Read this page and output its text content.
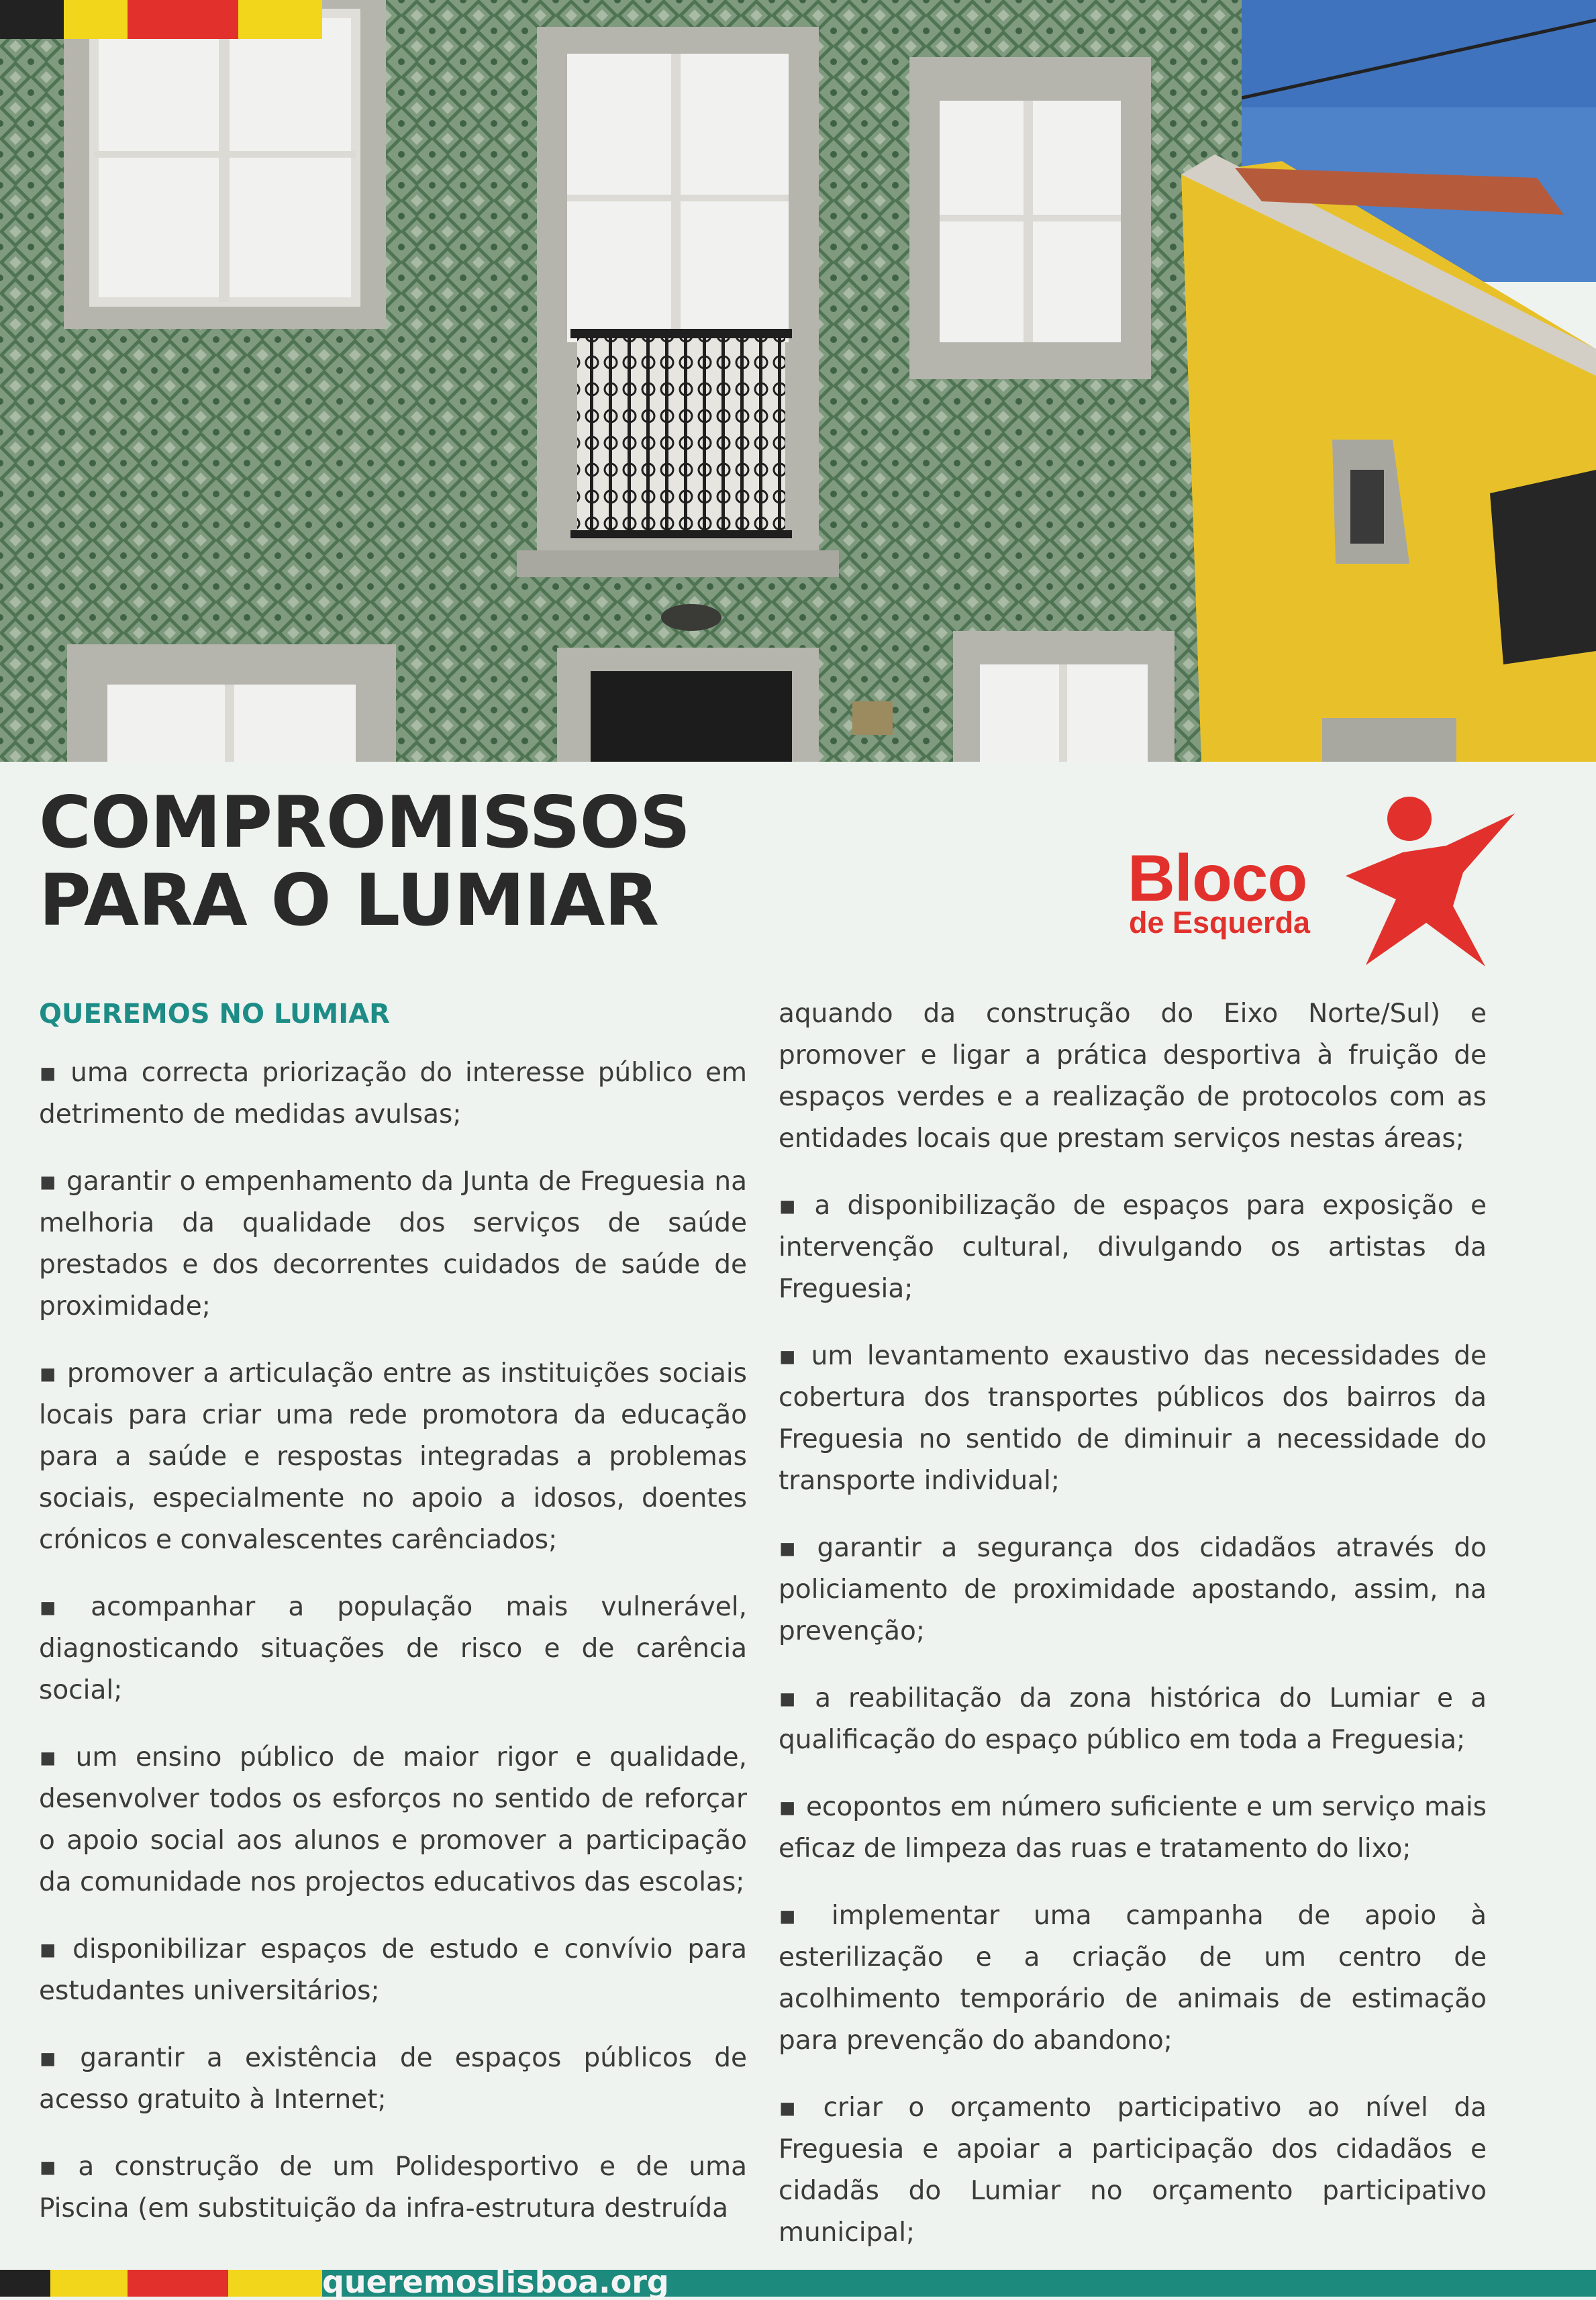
COMPROMISSOS
PARA O LUMIAR	Bloco
de Esquerda
QUEREMOS NO LUMIAR
▪ uma correcta priorização do interesse público em detrimento de medidas avulsas;
▪ garantir o empenhamento da Junta de Freguesia na melhoria da qualidade dos serviços de saúde prestados e dos decorrentes cuidados de saúde de proximidade;
▪ promover a articulação entre as instituições sociais locais para criar uma rede promotora da educação para a saúde e respostas integradas a problemas sociais, especialmente no apoio a idosos, doentes crónicos e convalescentes carênciados;
▪ acompanhar a população mais vulnerável, diagnosticando situações de risco e de carência social;
▪ um ensino público de maior rigor e qualidade, desenvolver todos os esforços no sentido de reforçar o apoio social aos alunos e promover a participação da comunidade nos projectos educativos das escolas;
▪ disponibilizar espaços de estudo e convívio para estudantes universitários;
▪ garantir a existência de espaços públicos de acesso gratuito à Internet;
▪ a construção de um Polidesportivo e de uma Piscina (em substituição da infra-estrutura destruída
aquando da construção do Eixo Norte/Sul) e promover e ligar a prática desportiva à fruição de espaços verdes e a realização de protocolos com as entidades locais que prestam serviços nestas áreas;
▪ a disponibilização de espaços para exposição e intervenção cultural, divulgando os artistas da Freguesia;
▪ um levantamento exaustivo das necessidades de cobertura dos transportes públicos dos bairros da Freguesia no sentido de diminuir a necessidade do transporte individual;
▪ garantir a segurança dos cidadãos através do policiamento de proximidade apostando, assim, na prevenção;
▪ a reabilitação da zona histórica do Lumiar e a qualificação do espaço público em toda a Freguesia;
▪ ecopontos em número suficiente e um serviço mais eficaz de limpeza das ruas e tratamento do lixo;
▪ implementar uma campanha de apoio à esterilização e a criação de um centro de acolhimento temporário de animais de estimação para prevenção do abandono;
▪ criar o orçamento participativo ao nível da Freguesia e apoiar a participação dos cidadãos e cidadãs do Lumiar no orçamento participativo municipal;
queremoslisboa.org
